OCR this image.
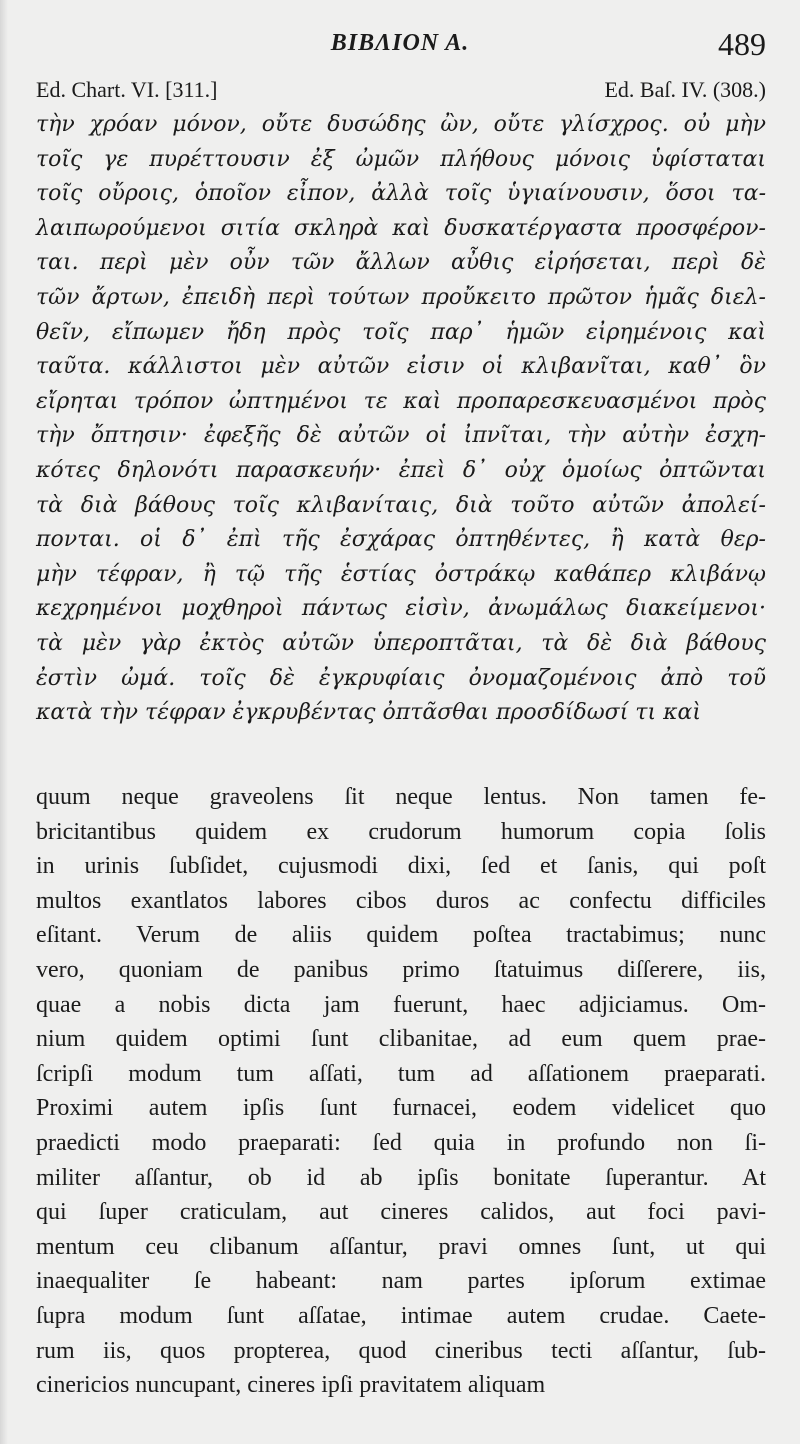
BIBΛΙΟΝ Α.	489
Ed. Chart. VI. [311.]	Ed. Baſ. IV. (308.)
τὴν χρόαν μόνον, οὔτε δυσώδης ὢν, οὔτε γλίσχρος. οὐ μὴν
τοῖς γε πυρέττουσιν ἐξ ὠμῶν πλήθους μόνοις ὑφίσταται
τοῖς οὔροις, ὁποῖον εἶπον, ἀλλὰ τοῖς ὑγιαίνουσιν, ὅσοι τα-
λαιπωρούμενοι σιτία σκληρὰ καὶ δυσκατέργαστα προσφέρον-
ται. περὶ μὲν οὖν τῶν ἄλλων αὖθις εἰρήσεται, περὶ δὲ
τῶν ἄρτων, ἐπειδὴ περὶ τούτων προὔκειτο πρῶτον ἡμᾶς διελ-
θεῖν, εἴπωμεν ἤδη πρὸς τοῖς παρ᾽ ἡμῶν εἰρημένοις καὶ
ταῦτα. κάλλιστοι μὲν αὐτῶν εἰσιν οἱ κλιβανῖται, καθ᾽ ὃν
εἴρηται τρόπον ὠπτημένοι τε καὶ προπαρεσκευασμένοι πρὸς
τὴν ὄπτησιν· ἐφεξῆς δὲ αὐτῶν οἱ ἰπνῖται, τὴν αὐτὴν ἐσχη-
κότες δηλονότι παρασκευήν· ἐπεὶ δ᾽ οὐχ ὁμοίως ὀπτῶνται
τὰ διὰ βάθους τοῖς κλιβανίταις, διὰ τοῦτο αὐτῶν ἀπολεί-
πονται. οἱ δ᾽ ἐπὶ τῆς ἐσχάρας ὀπτηθέντες, ἢ κατὰ θερ-
μὴν τέφραν, ἢ τῷ τῆς ἑστίας ὀστράκῳ καθάπερ κλιβάνῳ
κεχρημένοι μοχθηροὶ πάντως εἰσὶν, ἀνωμάλως διακείμενοι·
τὰ μὲν γὰρ ἐκτὸς αὐτῶν ὑπεροπτᾶται, τὰ δὲ διὰ βάθους
ἐστὶν ὠμά. τοῖς δὲ ἐγκρυφίαις ὀνομαζομένοις ἀπὸ τοῦ
κατὰ τὴν τέφραν ἐγκρυβέντας ὀπτᾶσθαι προσδίδωσί τι καὶ
quum neque graveolens ſit neque lentus. Non tamen fe-
bricitantibus quidem ex crudorum humorum copia ſolis
in urinis ſubſidet, cujusmodi dixi, ſed et ſanis, qui poſt
multos exantlatos labores cibos duros ac confectu difficiles
eſitant. Verum de aliis quidem poſtea tractabimus; nunc
vero, quoniam de panibus primo ſtatuimus diſſerere, iis,
quae a nobis dicta jam fuerunt, haec adjiciamus. Om-
nium quidem optimi ſunt clibanitae, ad eum quem prae-
ſcripſi modum tum aſſati, tum ad aſſationem praeparati.
Proximi autem ipſis ſunt furnacei, eodem videlicet quo
praedicti modo praeparati: ſed quia in profundo non ſi-
militer aſſantur, ob id ab ipſis bonitate ſuperantur. At
qui ſuper craticulam, aut cineres calidos, aut foci pavi-
mentum ceu clibanum aſſantur, pravi omnes ſunt, ut qui
inaequaliter ſe habeant: nam partes ipſorum extimae
ſupra modum ſunt aſſatae, intimae autem crudae. Caete-
rum iis, quos propterea, quod cineribus tecti aſſantur, ſub-
cinericios nuncupant, cineres ipſi pravitatem aliquam
